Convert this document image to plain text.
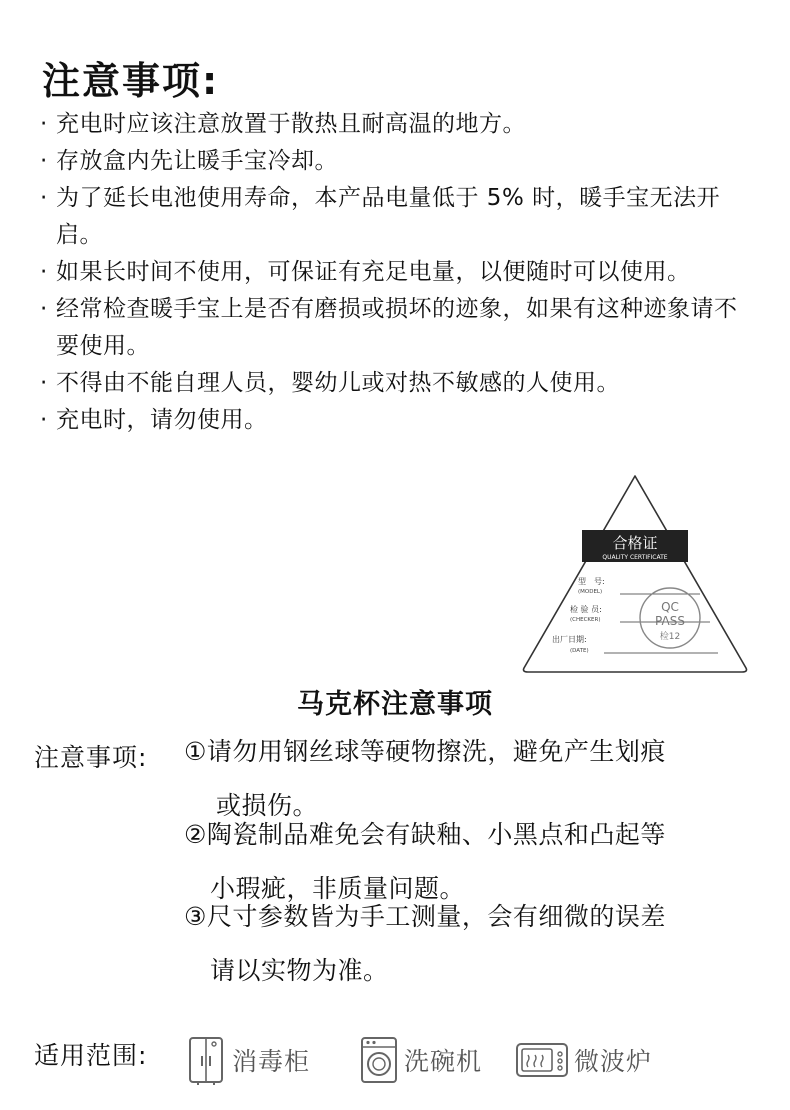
注意事项:
· 充电时应该注意放置于散热且耐高温的地方。
· 存放盒内先让暖手宝冷却。
· 为了延长电池使用寿命，本产品电量低于 5% 时，暖手宝无法开启。
· 如果长时间不使用，可保证有充足电量，以便随时可以使用。
· 经常检查暖手宝上是否有磨损或损坏的迹象，如果有这种迹象请不要使用。
· 不得由不能自理人员，婴幼儿或对热不敏感的人使用。
· 充电时，请勿使用。
合格证
QUALITY CERTIFICATE
型　号:
(MODEL)
检 验 员:
(CHECKER)
出厂日期:
(DATE)
QC
PASS
检12
马克杯注意事项
注意事项: ①请勿用钢丝球等硬物擦洗，避免产生划痕
或损伤。
②陶瓷制品难免会有缺釉、小黑点和凸起等
小瑕疵，非质量问题。
③尺寸参数皆为手工测量，会有细微的误差
请以实物为准。
适用范围:	消毒柜	洗碗机	微波炉
